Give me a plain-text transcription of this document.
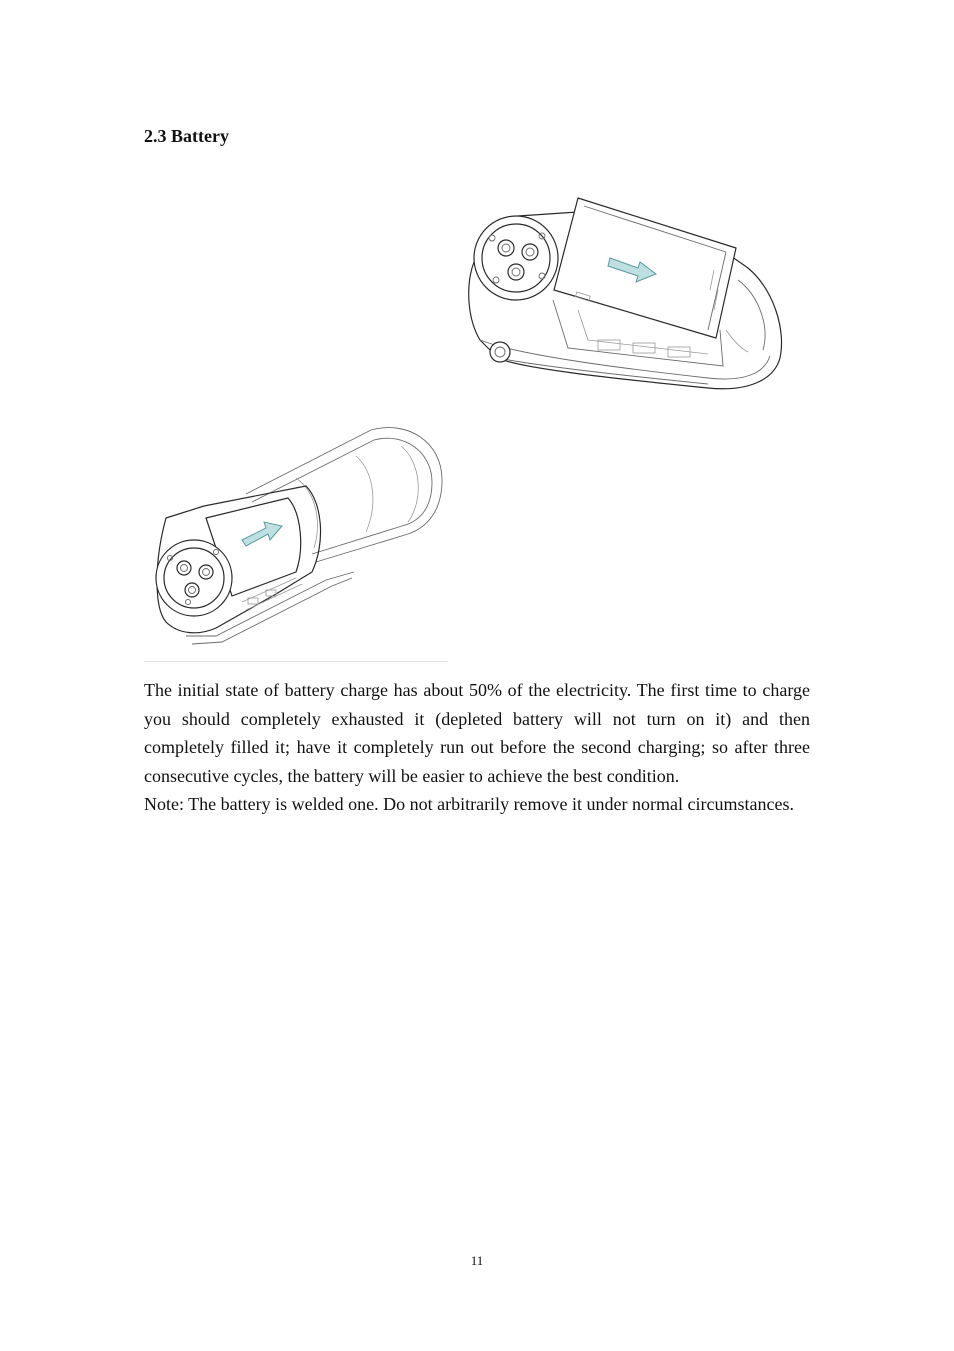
2.3 Battery

The initial state of battery charge has about 50% of the electricity. The first time to charge you should completely exhausted it (depleted battery will not turn on it) and then completely filled it; have it completely run out before the second charging; so after three consecutive cycles, the battery will be easier to achieve the best condition.

Note: The battery is welded one. Do not arbitrarily remove it under normal circumstances.

11
